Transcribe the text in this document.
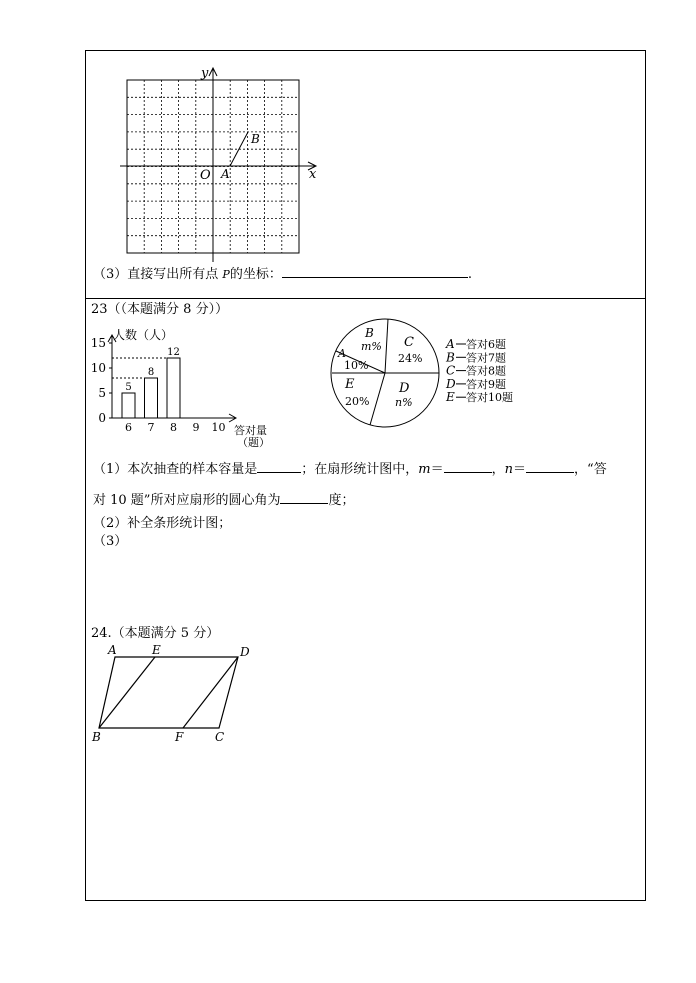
y
x
O A
B
（3）直接写出所有点 P的坐标：	.
23（（本题满分 8 分））
0
5
10
15
6 7 8 9 10
5
8
12
人数（人）
答对量
（题）
B
m% C
24%
A
10%
E
20%
D
n%
A 答对6题
B 答对7题
C 答对8题
D 答对9题
E 答对10题
（1）本次抽查的样本容量是	；在扇形统计图中，m＝	，n＝	，“答
对 10 题”所对应扇形的圆心角为	度；
（2）补全条形统计图；
（3）
24.（本题满分 5 分）
A	E	D
B	F	C
